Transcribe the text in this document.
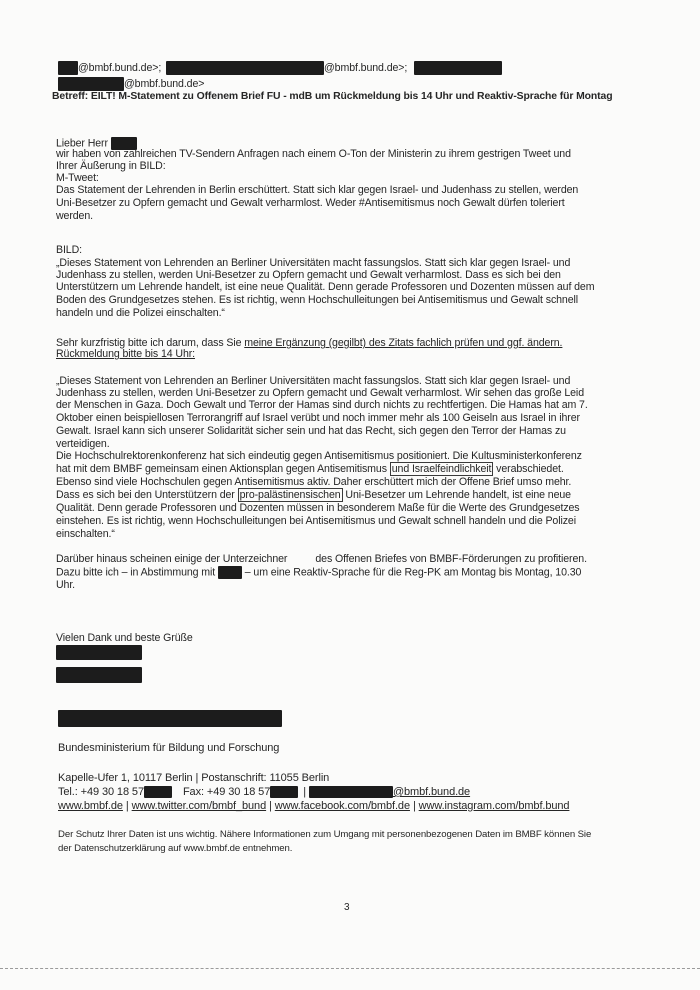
@bmbf.bund.de>;	@bmbf.bund.de>;
@bmbf.bund.de>
Betreff: EILT! M-Statement zu Offenem Brief FU - mdB um Rückmeldung bis 14 Uhr und Reaktiv-Sprache für Montag
Lieber Herr
wir haben von zahlreichen TV-Sendern Anfragen nach einem O-Ton der Ministerin zu ihrem gestrigen Tweet und
Ihrer Äußerung in BILD:
M-Tweet:
Das Statement der Lehrenden in Berlin erschüttert. Statt sich klar gegen Israel- und Judenhass zu stellen, werden
Uni-Besetzer zu Opfern gemacht und Gewalt verharmlost. Weder #Antisemitismus noch Gewalt dürfen toleriert
werden.
BILD:
„Dieses Statement von Lehrenden an Berliner Universitäten macht fassungslos. Statt sich klar gegen Israel- und
Judenhass zu stellen, werden Uni-Besetzer zu Opfern gemacht und Gewalt verharmlost. Dass es sich bei den
Unterstützern um Lehrende handelt, ist eine neue Qualität. Denn gerade Professoren und Dozenten müssen auf dem
Boden des Grundgesetzes stehen. Es ist richtig, wenn Hochschulleitungen bei Antisemitismus und Gewalt schnell
handeln und die Polizei einschalten.“
Sehr kurzfristig bitte ich darum, dass Sie meine Ergänzung (gegilbt) des Zitats fachlich prüfen und ggf. ändern.
Rückmeldung bitte bis 14 Uhr:
„Dieses Statement von Lehrenden an Berliner Universitäten macht fassungslos. Statt sich klar gegen Israel- und
Judenhass zu stellen, werden Uni-Besetzer zu Opfern gemacht und Gewalt verharmlost. Wir sehen das große Leid
der Menschen in Gaza. Doch Gewalt und Terror der Hamas sind durch nichts zu rechtfertigen. Die Hamas hat am 7.
Oktober einen beispiellosen Terrorangriff auf Israel verübt und noch immer mehr als 100 Geiseln aus Israel in ihrer
Gewalt. Israel kann sich unserer Solidarität sicher sein und hat das Recht, sich gegen den Terror der Hamas zu
verteidigen.
Die Hochschulrektorenkonferenz hat sich eindeutig gegen Antisemitismus positioniert. Die Kultusministerkonferenz
hat mit dem BMBF gemeinsam einen Aktionsplan gegen Antisemitismus und Israelfeindlichkeit verabschiedet.
Ebenso sind viele Hochschulen gegen Antisemitismus aktiv. Daher erschüttert mich der Offene Brief umso mehr.
Dass es sich bei den Unterstützern der pro-palästinensischen Uni-Besetzer um Lehrende handelt, ist eine neue
Qualität. Denn gerade Professoren und Dozenten müssen in besonderem Maße für die Werte des Grundgesetzes
einstehen. Es ist richtig, wenn Hochschulleitungen bei Antisemitismus und Gewalt schnell handeln und die Polizei
einschalten.“
Darüber hinaus scheinen einige der Unterzeichner	des Offenen Briefes von BMBF-Förderungen zu profitieren.
Dazu bitte ich – in Abstimmung mit	– um eine Reaktiv-Sprache für die Reg-PK am Montag bis Montag, 10.30
Uhr.
Vielen Dank und beste Grüße
Bundesministerium für Bildung und Forschung
Kapelle-Ufer 1, 10117 Berlin | Postanschrift: 11055 Berlin
Tel.: +49 30 18 57	Fax: +49 30 18 57	|	@bmbf.bund.de
www.bmbf.de | www.twitter.com/bmbf_bund | www.facebook.com/bmbf.de | www.instagram.com/bmbf.bund
Der Schutz Ihrer Daten ist uns wichtig. Nähere Informationen zum Umgang mit personenbezogenen Daten im BMBF können Sie
der Datenschutzerklärung auf www.bmbf.de entnehmen.
3
